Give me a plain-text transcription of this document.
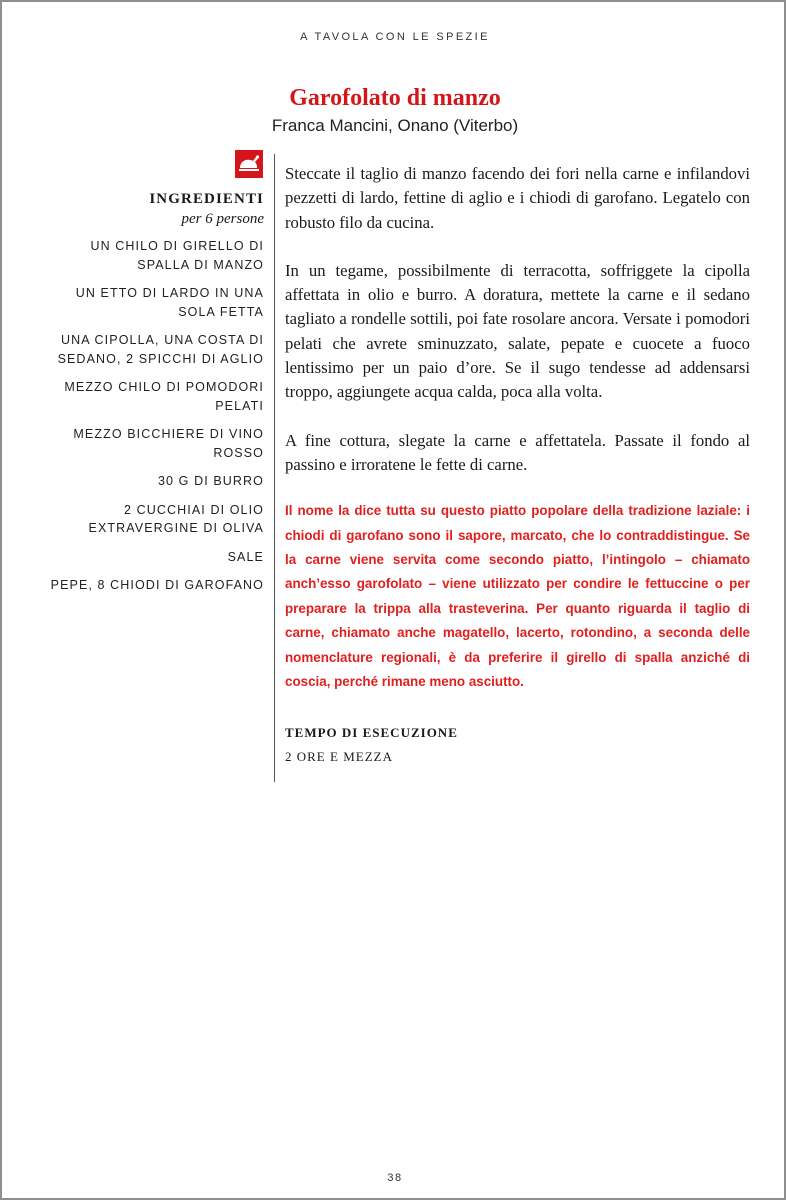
A TAVOLA CON LE SPEZIE
Garofolato di manzo
Franca Mancini, Onano (Viterbo)
INGREDIENTI
per 6 persone
UN CHILO DI GIRELLO DI SPALLA DI MANZO
UN ETTO DI LARDO IN UNA SOLA FETTA
UNA CIPOLLA, UNA COSTA DI SEDANO, 2 SPICCHI DI AGLIO
MEZZO CHILO DI POMODORI PELATI
MEZZO BICCHIERE DI VINO ROSSO
30 G DI BURRO
2 CUCCHIAI DI OLIO EXTRAVERGINE DI OLIVA
SALE
PEPE, 8 CHIODI DI GAROFANO

Steccate il taglio di manzo facendo dei fori nella carne e infilandovi pezzetti di lardo, fettine di aglio e i chiodi di garofano. Legatelo con robusto filo da cucina.

In un tegame, possibilmente di terracotta, soffriggete la cipolla affettata in olio e burro. A doratura, mettete la carne e il sedano tagliato a rondelle sottili, poi fate rosolare ancora. Versate i pomodori pelati che avrete sminuzzato, salate, pepate e cuocete a fuoco lentissimo per un paio d’ore. Se il sugo tendesse ad addensarsi troppo, aggiungete acqua calda, poca alla volta.

A fine cottura, slegate la carne e affettatela. Passate il fondo al passino e irroratene le fette di carne.

Il nome la dice tutta su questo piatto popolare della tradizione laziale: i chiodi di garofano sono il sapore, marcato, che lo contraddistingue. Se la carne viene servita come secondo piatto, l’intingolo – chiamato anch’esso garofolato – viene utilizzato per condire le fettuccine o per preparare la trippa alla trasteverina. Per quanto riguarda il taglio di carne, chiamato anche magatello, lacerto, rotondino, a seconda delle nomenclature regionali, è da preferire il girello di spalla anziché di coscia, perché rimane meno asciutto.
TEMPO DI ESECUZIONE
2 ORE E MEZZA
38
